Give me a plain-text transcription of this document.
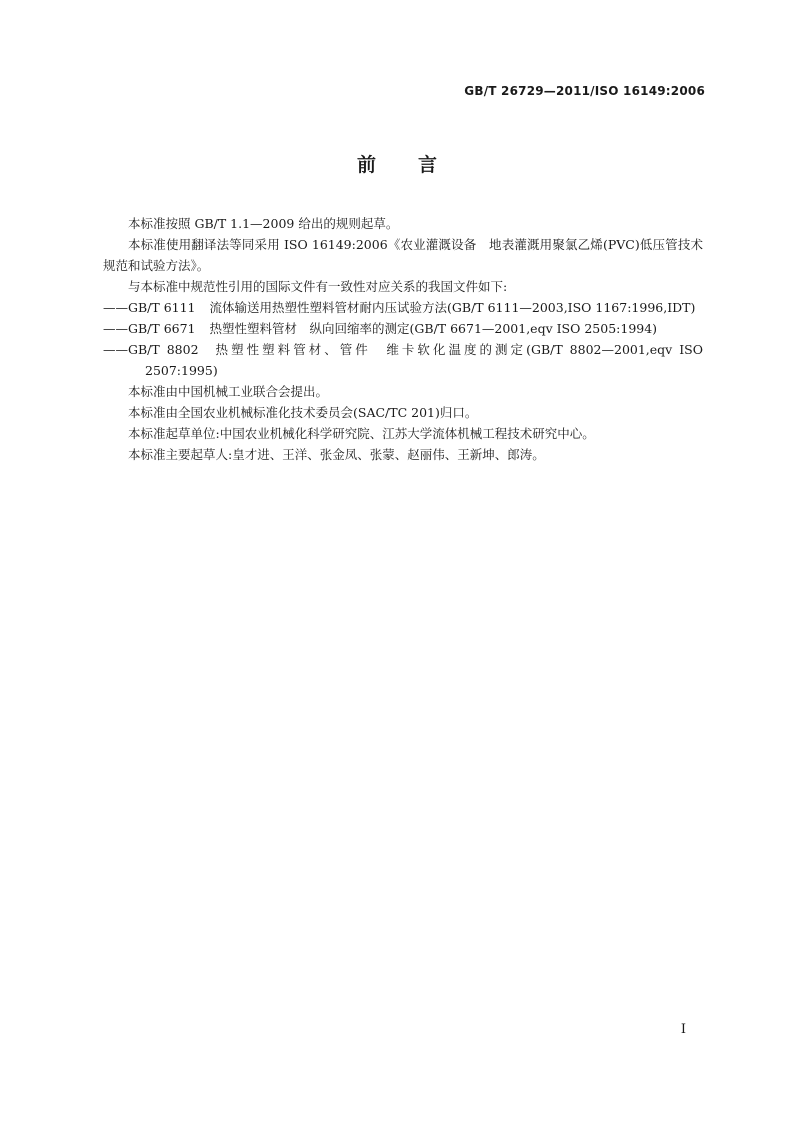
GB/T 26729—2011/ISO 16149:2006
前 言

本标准按照 GB/T 1.1—2009 给出的规则起草。

本标准使用翻译法等同采用 ISO 16149:2006《农业灌溉设备　地表灌溉用聚氯乙烯(PVC)低压管技术规范和试验方法》。

与本标准中规范性引用的国际文件有一致性对应关系的我国文件如下:

——GB/T 6111 流体输送用热塑性塑料管材耐内压试验方法(GB/T 6111—2003,ISO 1167:1996,IDT)

——GB/T 6671 热塑性塑料管材　纵向回缩率的测定(GB/T 6671—2001,eqv ISO 2505:1994)

——GB/T 8802 热塑性塑料管材、管件　维卡软化温度的测定(GB/T 8802—2001,eqv ISO 2507:1995)

本标准由中国机械工业联合会提出。

本标准由全国农业机械标准化技术委员会(SAC/TC 201)归口。

本标准起草单位:中国农业机械化科学研究院、江苏大学流体机械工程技术研究中心。

本标准主要起草人:皇才进、王洋、张金凤、张蒙、赵丽伟、王新坤、郎涛。

I
